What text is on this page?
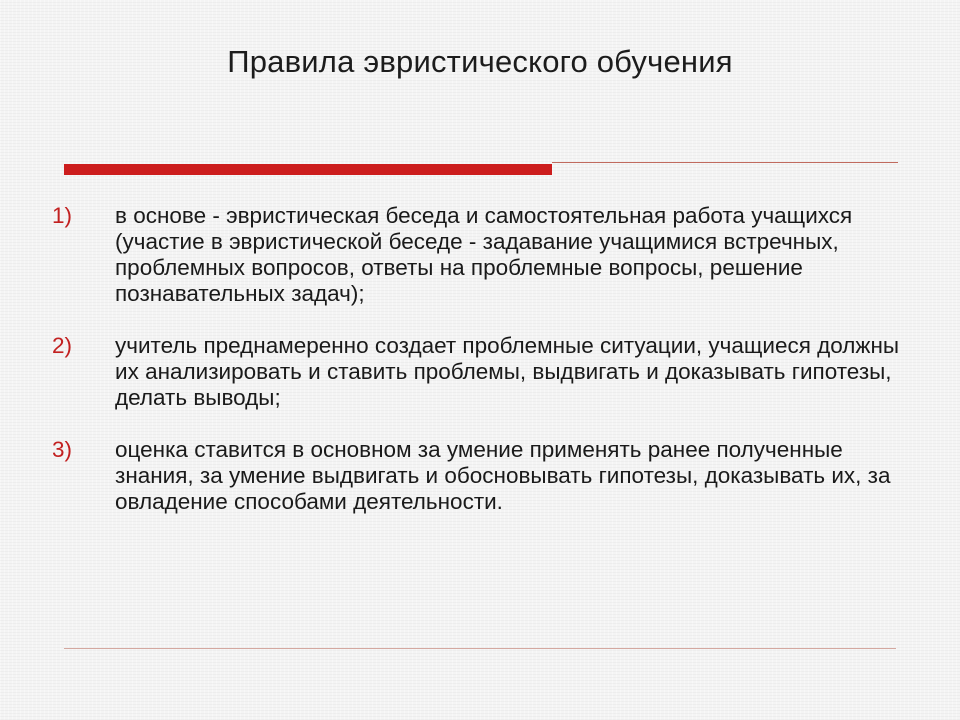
Правила эвристического обучения
1) в основе - эвристическая беседа и самостоятельная работа учащихся (участие в эвристической беседе - задавание учащимися встречных, проблемных вопросов, ответы на проблемные вопросы, решение познавательных задач);
2) учитель преднамеренно создает проблемные ситуации, учащиеся должны их анализировать и ставить проблемы, выдвигать и доказывать гипотезы, делать выводы;
3) оценка ставится в основном за умение применять ранее полученные знания, за умение выдвигать и обосновывать гипотезы, доказывать их, за овладение способами деятельности.
